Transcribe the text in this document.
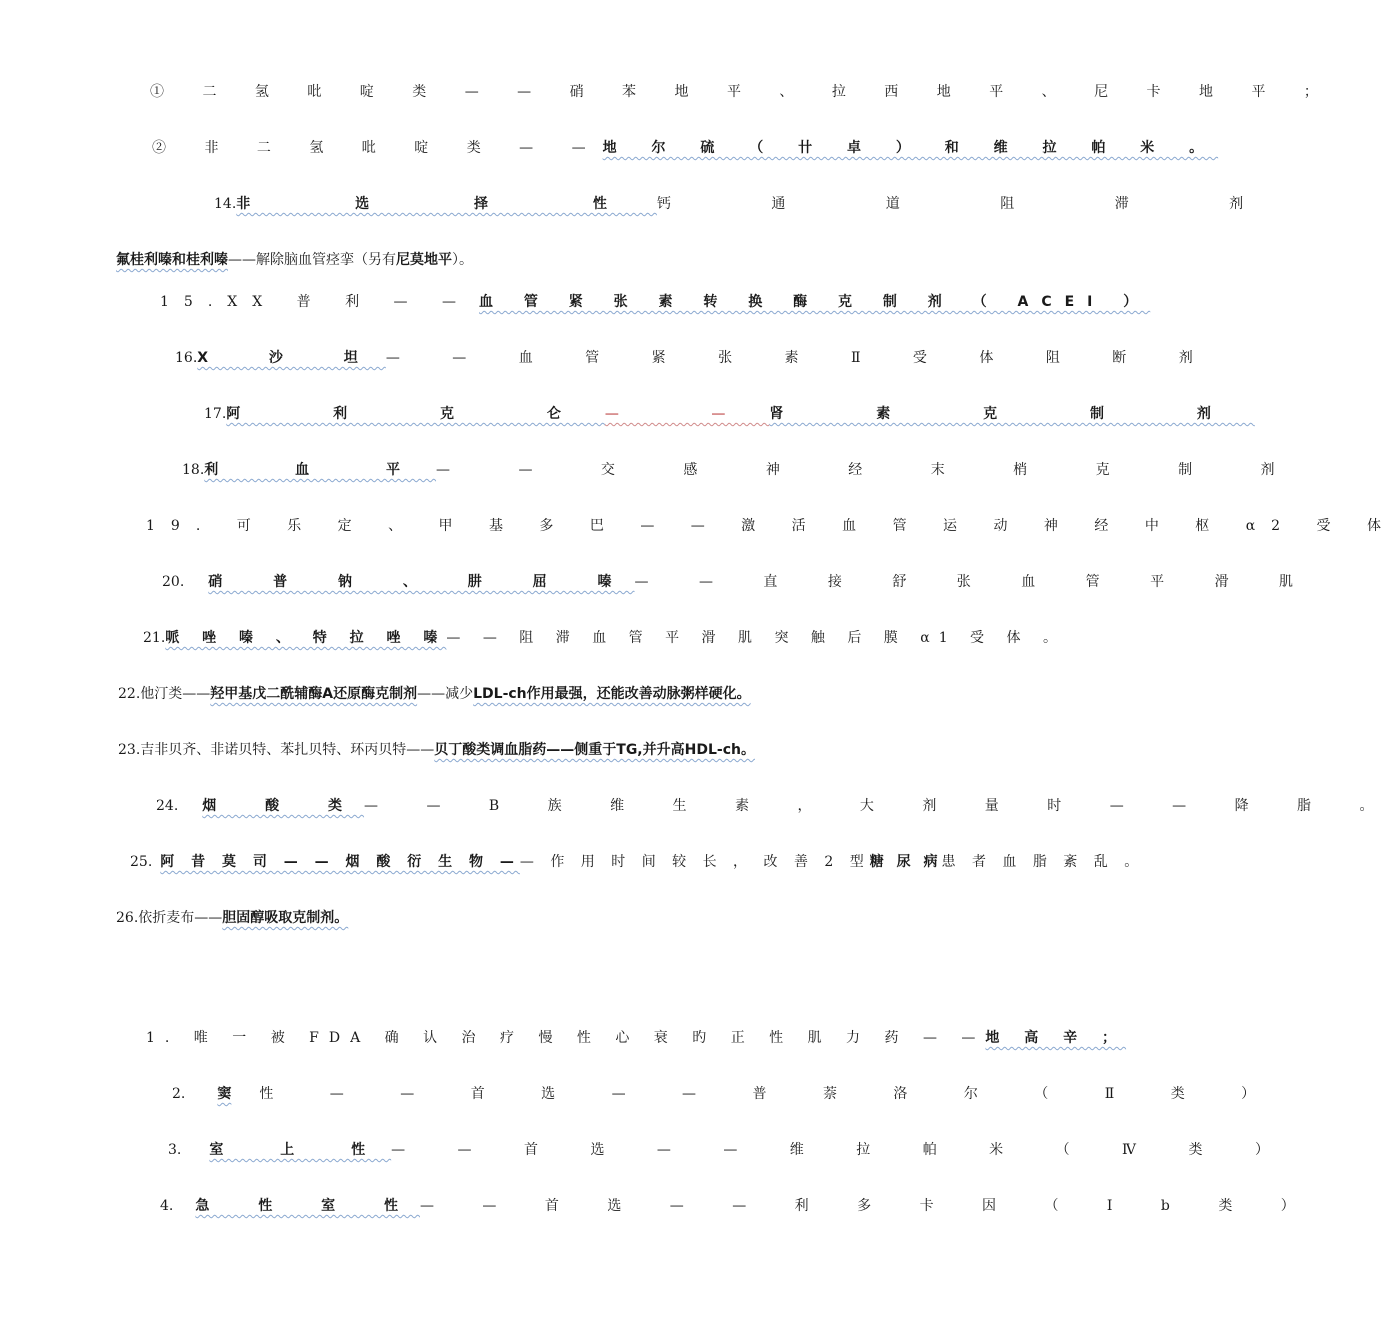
① 二 氢 吡 啶 类 — — 硝 苯 地 平 、 拉 西 地 平 、 尼 卡 地 平 ；
② 非 二 氢 吡 啶 类 — — 地 尔 硫 （ 卄 卓 ） 和 维 拉 帕 米 。
14. 非 选 择 性 钙 通 道 阻 滞 剂
氟桂利嗪和桂利嗪 ——解除脑血管痉挛（另有 尼莫地平 ）。
15.XX 普 利 — — 血 管 紧 张 素 转 换 酶 克 制 剂 （ ACEI ）
16. X 沙 坦 — — 血 管 紧 张 素 Ⅱ 受 体 阻 断 剂
17. 阿 利 克 仑 — — 肾 素 克 制 剂
18. 利 血 平 — — 交 感 神 经 末 梢 克 制 剂
19. 可 乐 定 、 甲 基 多 巴 — — 激 活 血 管 运 动 神 经 中 枢 α2 受 体
20. 硝 普 钠 、 肼 屈 嗪 — — 直 接 舒 张 血 管 平 滑 肌
21. 哌 唑 嗪 、 特 拉 唑 嗪 — — 阻 滞 血 管 平 滑 肌 突 触 后 膜 α1 受 体 。
22.他汀类—— 羟甲基戊二酰辅酶A还原酶克制剂 ——减少 LDL-ch作用最强，还能改善动脉粥样硬化。
23.吉非贝齐、非诺贝特、苯扎贝特、环丙贝特—— 贝丁酸类调血脂药——侧重于TG,并升高HDL-ch。
24. 烟 酸 类 — — B 族 维 生 素 ， 大 剂 量 时 — — 降 脂 。
25. 阿 昔 莫 司 — — 烟 酸 衍 生 物 — — 作 用 时 间 较 长 ， 改 善 2 型 糖 尿 病 患 者 血 脂 紊 乱 。
26.依折麦布—— 胆固醇吸取克制剂。
1. 唯 一 被 FDA 确 认 治 疗 慢 性 心 衰 旳 正 性 肌 力 药 — — 地 高 辛 ；
2. 窦 性 — — 首 选 — — 普 萘 洛 尔 （ Ⅱ 类 ）
3. 室 上 性 — — 首 选 — — 维 拉 帕 米 （ Ⅳ 类 ）
4. 急 性 室 性 — — 首 选 — — 利 多 卡 因 （ Ⅰ b 类 ）
